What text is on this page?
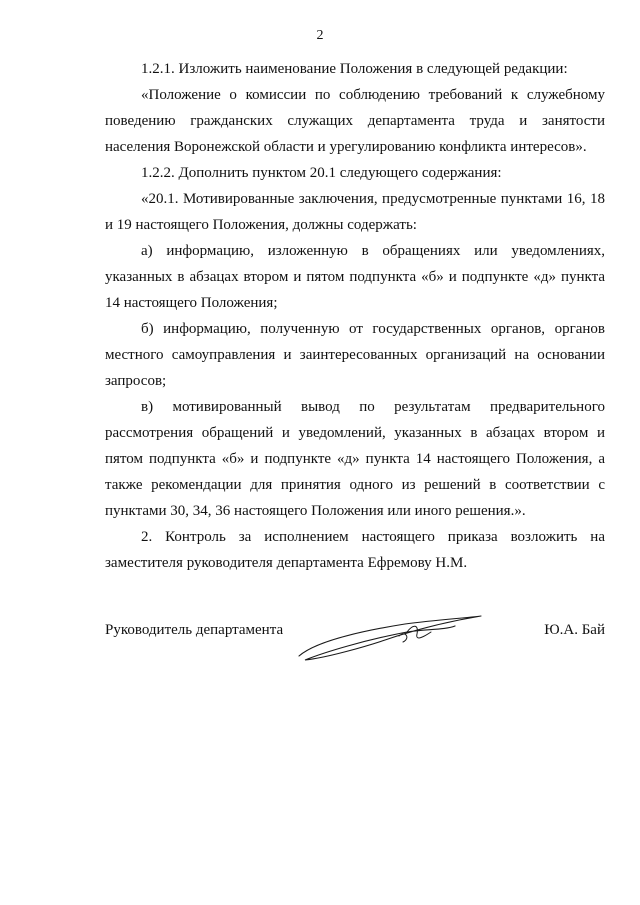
2

1.2.1. Изложить наименование Положения в следующей редакции:

«Положение о комиссии по соблюдению требований к служебному поведению гражданских служащих департамента труда и занятости населения Воронежской области и урегулированию конфликта интересов».

1.2.2. Дополнить пунктом 20.1 следующего содержания:

«20.1. Мотивированные заключения, предусмотренные пунктами 16, 18 и 19 настоящего Положения, должны содержать:

а) информацию, изложенную в обращениях или уведомлениях, указанных в абзацах втором и пятом подпункта «б» и подпункте «д» пункта 14 настоящего Положения;

б) информацию, полученную от государственных органов, органов местного самоуправления и заинтересованных организаций на основании запросов;

в) мотивированный вывод по результатам предварительного рассмотрения обращений и уведомлений, указанных в абзацах втором и пятом подпункта «б» и подпункте «д» пункта 14 настоящего Положения, а также рекомендации для принятия одного из решений в соответствии с пунктами 30, 34, 36 настоящего Положения или иного решения.».

2. Контроль за исполнением настоящего приказа возложить на заместителя руководителя департамента Ефремову Н.М.

Руководитель департамента	Ю.А. Бай
